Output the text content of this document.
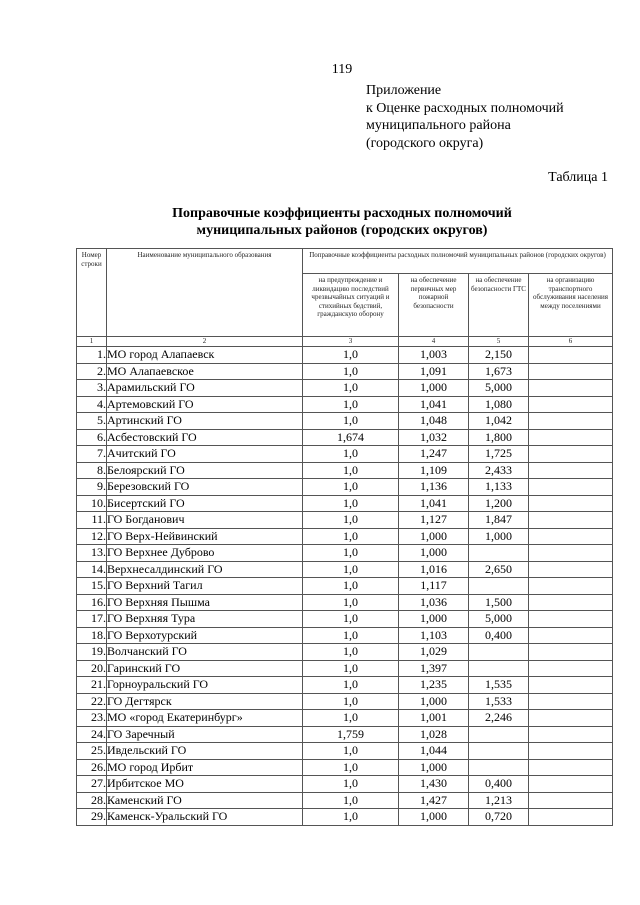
119
Приложение
к Оценке расходных полномочий
муниципального района
(городского округа)
Таблица 1
Поправочные коэффициенты расходных полномочий
муниципальных районов (городских округов)
Номер строки	Наименование муниципального образования	Поправочные коэффициенты расходных полномочий муниципальных районов (городских округов)			
		на предупреждение и ликвидацию последствий чрезвычайных ситуаций и стихийных бедствий, гражданскую оборону	на обеспечение первичных мер пожарной безопасности	на обеспечение безопасности ГТС	на организацию транспортного обслуживания населения между поселениями
1	2	3	4	5	6
1.	МО город Алапаевск	1,0	1,003	2,150	
2.	МО Алапаевское	1,0	1,091	1,673	
3.	Арамильский ГО	1,0	1,000	5,000	
4.	Артемовский ГО	1,0	1,041	1,080	
5.	Артинский ГО	1,0	1,048	1,042	
6.	Асбестовский ГО	1,674	1,032	1,800	
7.	Ачитский ГО	1,0	1,247	1,725	
8.	Белоярский ГО	1,0	1,109	2,433	
9.	Березовский ГО	1,0	1,136	1,133	
10.	Бисертский ГО	1,0	1,041	1,200	
11.	ГО Богданович	1,0	1,127	1,847	
12.	ГО Верх-Нейвинский	1,0	1,000	1,000	
13.	ГО Верхнее Дуброво	1,0	1,000		
14.	Верхнесалдинский ГО	1,0	1,016	2,650	
15.	ГО Верхний Тагил	1,0	1,117		
16.	ГО Верхняя Пышма	1,0	1,036	1,500	
17.	ГО Верхняя Тура	1,0	1,000	5,000	
18.	ГО Верхотурский	1,0	1,103	0,400	
19.	Волчанский ГО	1,0	1,029		
20.	Гаринский ГО	1,0	1,397		
21.	Горноуральский ГО	1,0	1,235	1,535	
22.	ГО Дегтярск	1,0	1,000	1,533	
23.	МО «город Екатеринбург»	1,0	1,001	2,246	
24.	ГО Заречный	1,759	1,028		
25.	Ивдельский ГО	1,0	1,044		
26.	МО город Ирбит	1,0	1,000		
27.	Ирбитское МО	1,0	1,430	0,400	
28.	Каменский ГО	1,0	1,427	1,213	
29.	Каменск-Уральский ГО	1,0	1,000	0,720	
